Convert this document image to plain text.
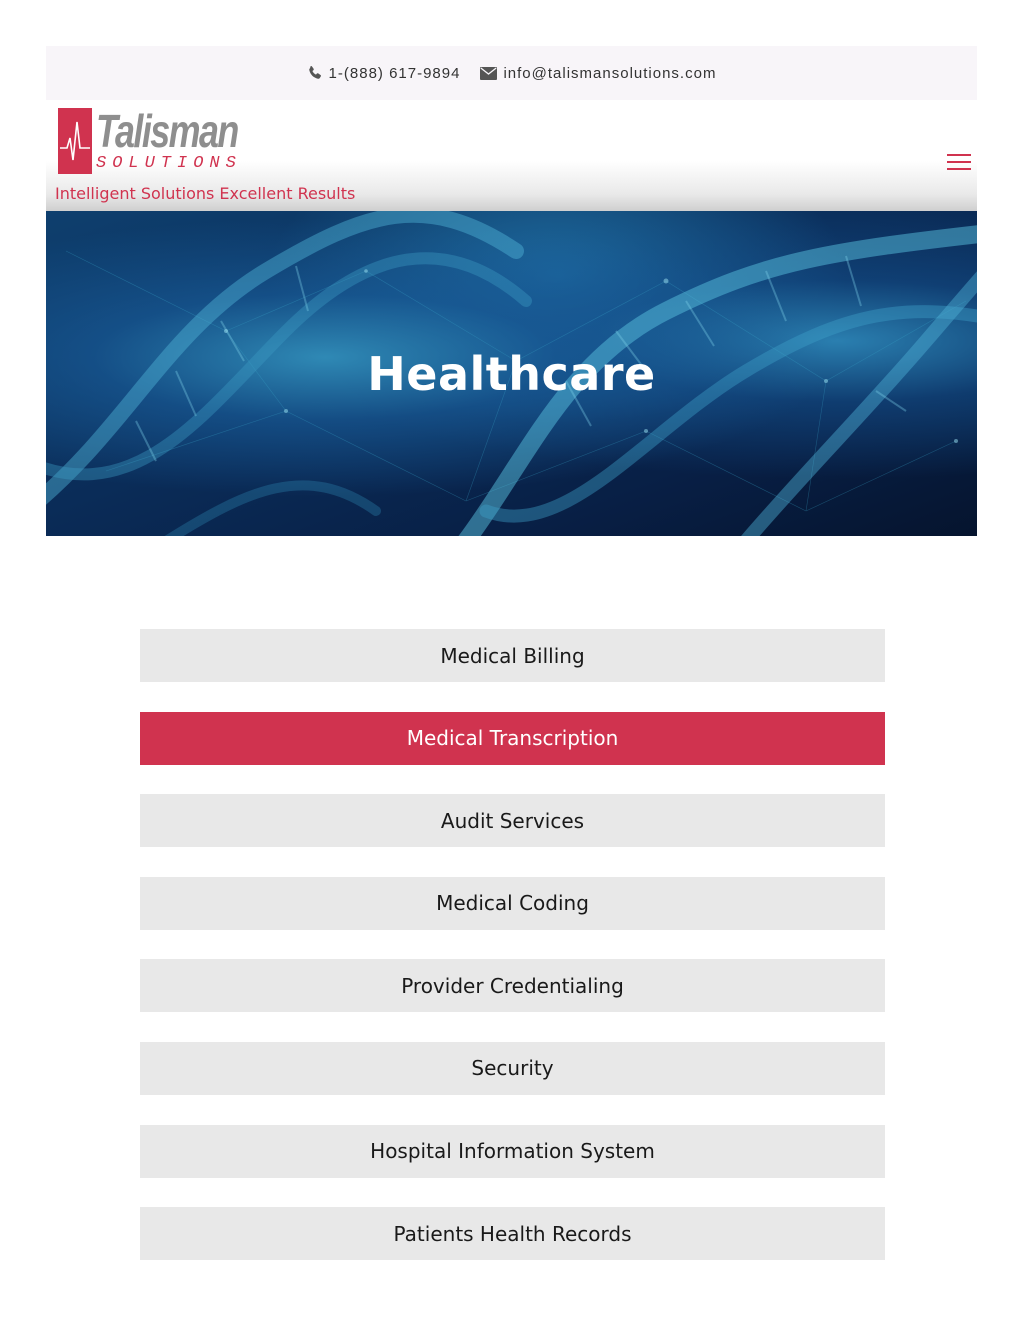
1-(888) 617-9894	info@talismansolutions.com
Talisman
SOLUTIONS
Intelligent Solutions Excellent Results
Healthcare
Medical Billing
Medical Transcription
Audit Services
Medical Coding
Provider Credentialing
Security
Hospital Information System
Patients Health Records
